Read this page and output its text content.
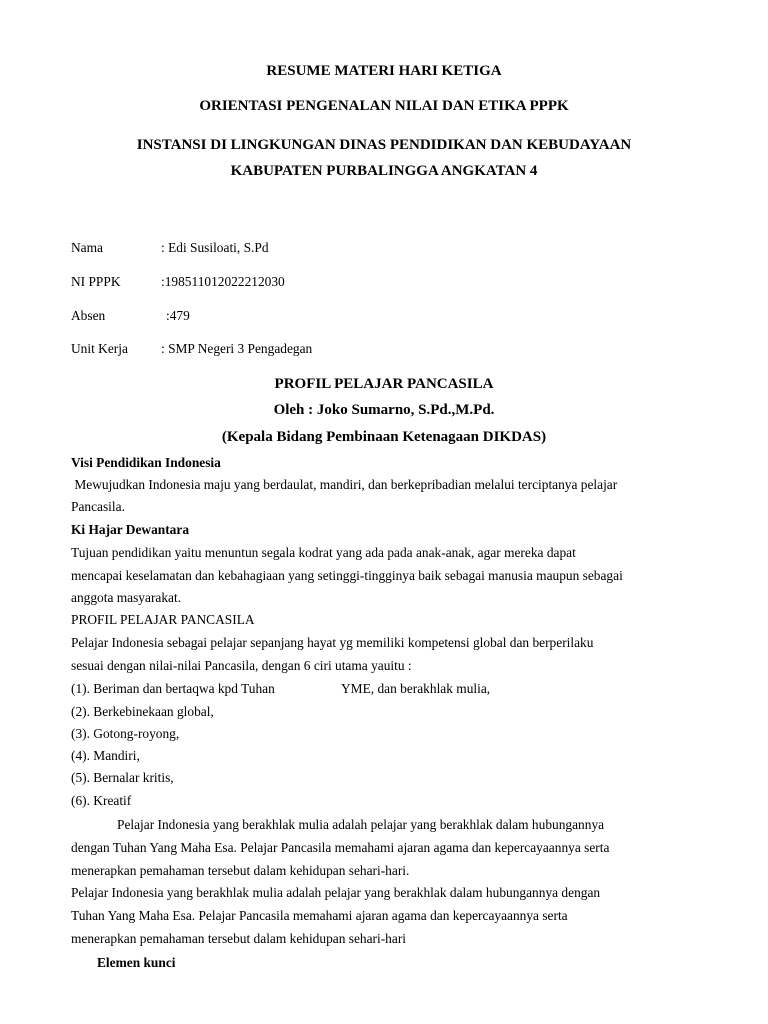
RESUME MATERI HARI KETIGA
ORIENTASI PENGENALAN NILAI DAN ETIKA PPPK
INSTANSI DI LINGKUNGAN DINAS PENDIDIKAN DAN KEBUDAYAAN
KABUPATEN PURBALINGGA ANGKATAN 4
Nama	: Edi Susiloati, S.Pd
NI PPPK	:198511012022212030
Absen	:479
Unit Kerja : SMP Negeri 3 Pengadegan
PROFIL PELAJAR PANCASILA
Oleh : Joko Sumarno, S.Pd.,M.Pd.
(Kepala Bidang Pembinaan Ketenagaan DIKDAS)
Visi Pendidikan Indonesia
Mewujudkan Indonesia maju yang berdaulat, mandiri, dan berkepribadian melalui terciptanya pelajar
Pancasila.
Ki Hajar Dewantara
Tujuan pendidikan yaitu menuntun segala kodrat yang ada pada anak-anak, agar mereka dapat
mencapai keselamatan dan kebahagiaan yang setinggi-tingginya baik sebagai manusia maupun sebagai
anggota masyarakat.
PROFIL PELAJAR PANCASILA
Pelajar Indonesia sebagai pelajar sepanjang hayat yg memiliki kompetensi global dan berperilaku
sesuai dengan nilai-nilai Pancasila, dengan 6 ciri utama yauitu :
(1). Beriman dan bertaqwa kpd Tuhan	YME, dan berakhlak mulia,
(2). Berkebinekaan global,
(3). Gotong-royong,
(4). Mandiri,
(5). Bernalar kritis,
(6). Kreatif
Pelajar Indonesia yang berakhlak mulia adalah pelajar yang berakhlak dalam hubungannya
dengan Tuhan Yang Maha Esa. Pelajar Pancasila memahami ajaran agama dan kepercayaannya serta
menerapkan pemahaman tersebut dalam kehidupan sehari-hari.
Pelajar Indonesia yang berakhlak mulia adalah pelajar yang berakhlak dalam hubungannya dengan
Tuhan Yang Maha Esa. Pelajar Pancasila memahami ajaran agama dan kepercayaannya serta
menerapkan pemahaman tersebut dalam kehidupan sehari-hari
Elemen kunci
